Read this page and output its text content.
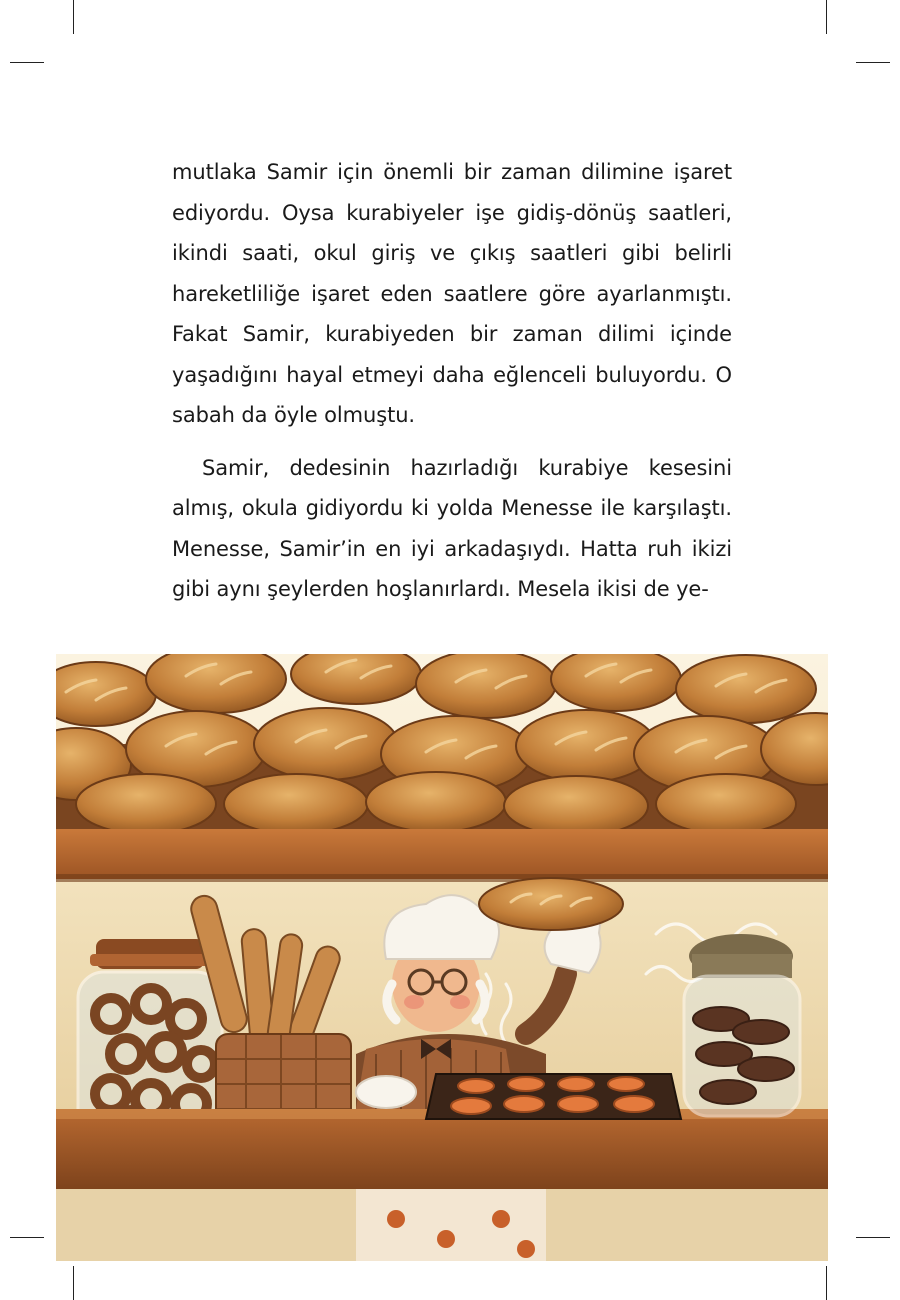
mutlaka Samir için önemli bir zaman dilimine işaret ediyordu. Oysa kurabiyeler işe gidiş-dönüş saatleri, ikindi saati, okul giriş ve çıkış saatleri gibi belirli hareketliliğe işaret eden saatlere göre ayarlanmıştı. Fakat Samir, kurabiyeden bir zaman dilimi içinde yaşadığını hayal etmeyi daha eğlenceli buluyordu. O sabah da öyle olmuştu.

Samir, dedesinin hazırladığı kurabiye kesesini almış, okula gidiyordu ki yolda Menesse ile karşılaştı. Menesse, Samir’in en iyi arkadaşıydı. Hatta ruh ikizi gibi aynı şeylerden hoşlanırlardı. Mesela ikisi de ye-
